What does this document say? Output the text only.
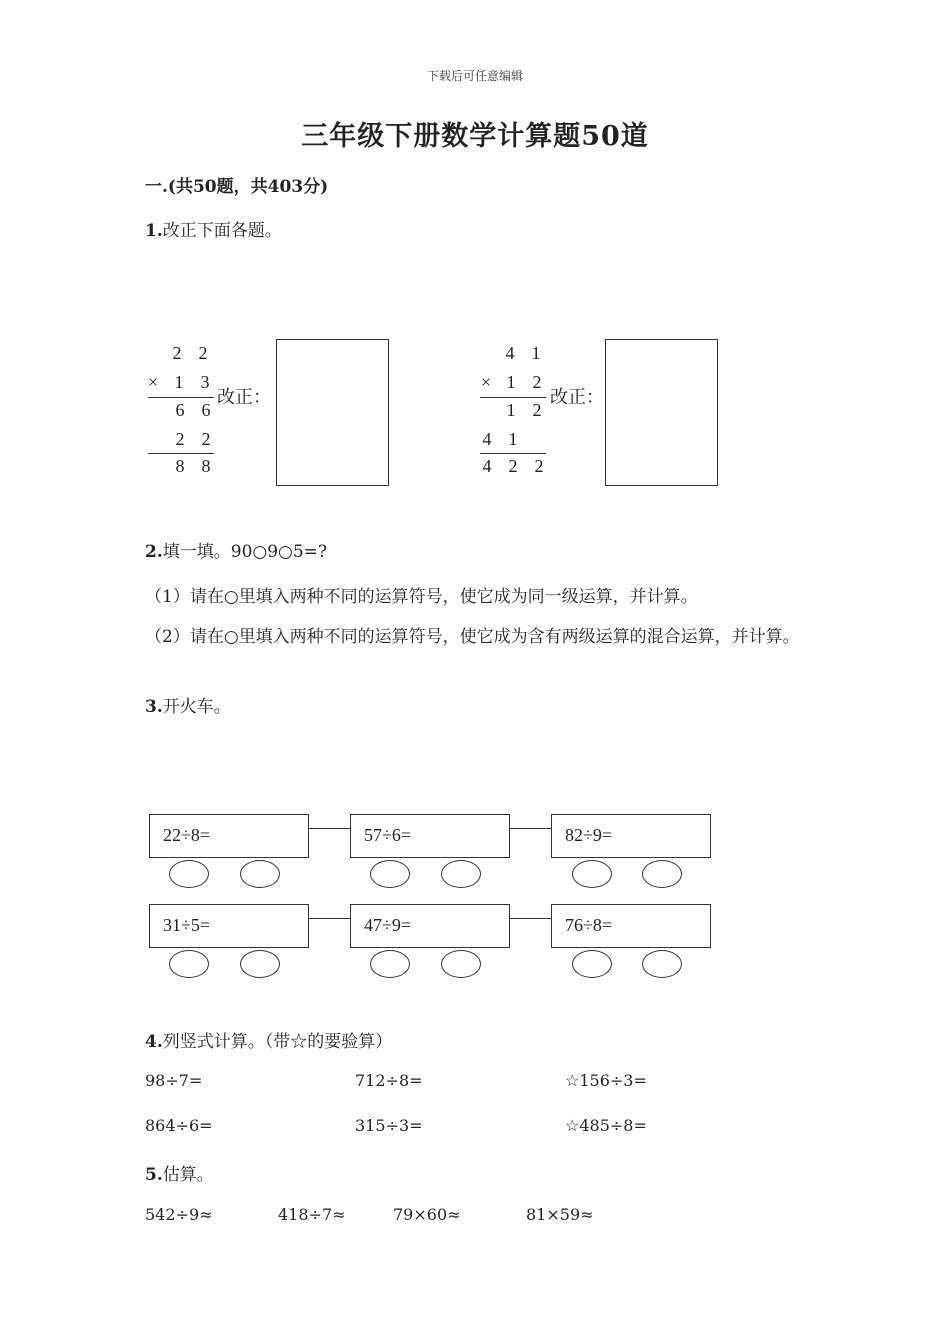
下载后可任意编辑
三年级下册数学计算题50道
一.(共50题，共403分)
1.改正下面各题。
2 2
× 1 3
6 6
2 2
8 8
改正：
4 1
× 1 2
1 2
4 1
4 2 2
改正：
2.填一填。90○9○5=?
（1）请在○里填入两种不同的运算符号，使它成为同一级运算，并计算。
（2）请在○里填入两种不同的运算符号，使它成为含有两级运算的混合运算，并计算。
3.开火车。
22÷8=	57÷6=	82÷9=
31÷5=	47÷9=	76÷8=
4.列竖式计算。（带☆的要验算）
98÷7=	712÷8=	☆156÷3=
864÷6=	315÷3=	☆485÷8=
5.估算。
542÷9≈	418÷7≈	79×60≈	81×59≈
